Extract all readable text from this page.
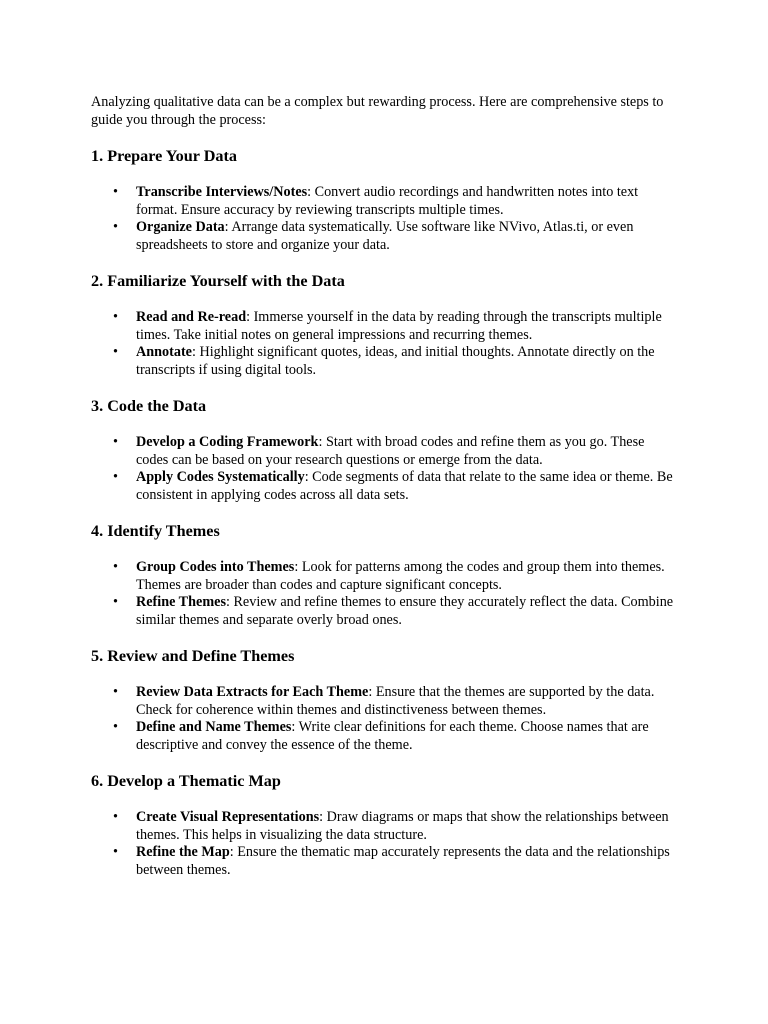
Analyzing qualitative data can be a complex but rewarding process. Here are comprehensive steps to guide you through the process:

1. Prepare Your Data
• Transcribe Interviews/Notes: Convert audio recordings and handwritten notes into text format. Ensure accuracy by reviewing transcripts multiple times.
• Organize Data: Arrange data systematically. Use software like NVivo, Atlas.ti, or even spreadsheets to store and organize your data.
2. Familiarize Yourself with the Data
• Read and Re-read: Immerse yourself in the data by reading through the transcripts multiple times. Take initial notes on general impressions and recurring themes.
• Annotate: Highlight significant quotes, ideas, and initial thoughts. Annotate directly on the transcripts if using digital tools.
3. Code the Data
• Develop a Coding Framework: Start with broad codes and refine them as you go. These codes can be based on your research questions or emerge from the data.
• Apply Codes Systematically: Code segments of data that relate to the same idea or theme. Be consistent in applying codes across all data sets.
4. Identify Themes
• Group Codes into Themes: Look for patterns among the codes and group them into themes. Themes are broader than codes and capture significant concepts.
• Refine Themes: Review and refine themes to ensure they accurately reflect the data. Combine similar themes and separate overly broad ones.
5. Review and Define Themes
• Review Data Extracts for Each Theme: Ensure that the themes are supported by the data. Check for coherence within themes and distinctiveness between themes.
• Define and Name Themes: Write clear definitions for each theme. Choose names that are descriptive and convey the essence of the theme.
6. Develop a Thematic Map
• Create Visual Representations: Draw diagrams or maps that show the relationships between themes. This helps in visualizing the data structure.
• Refine the Map: Ensure the thematic map accurately represents the data and the relationships between themes.
